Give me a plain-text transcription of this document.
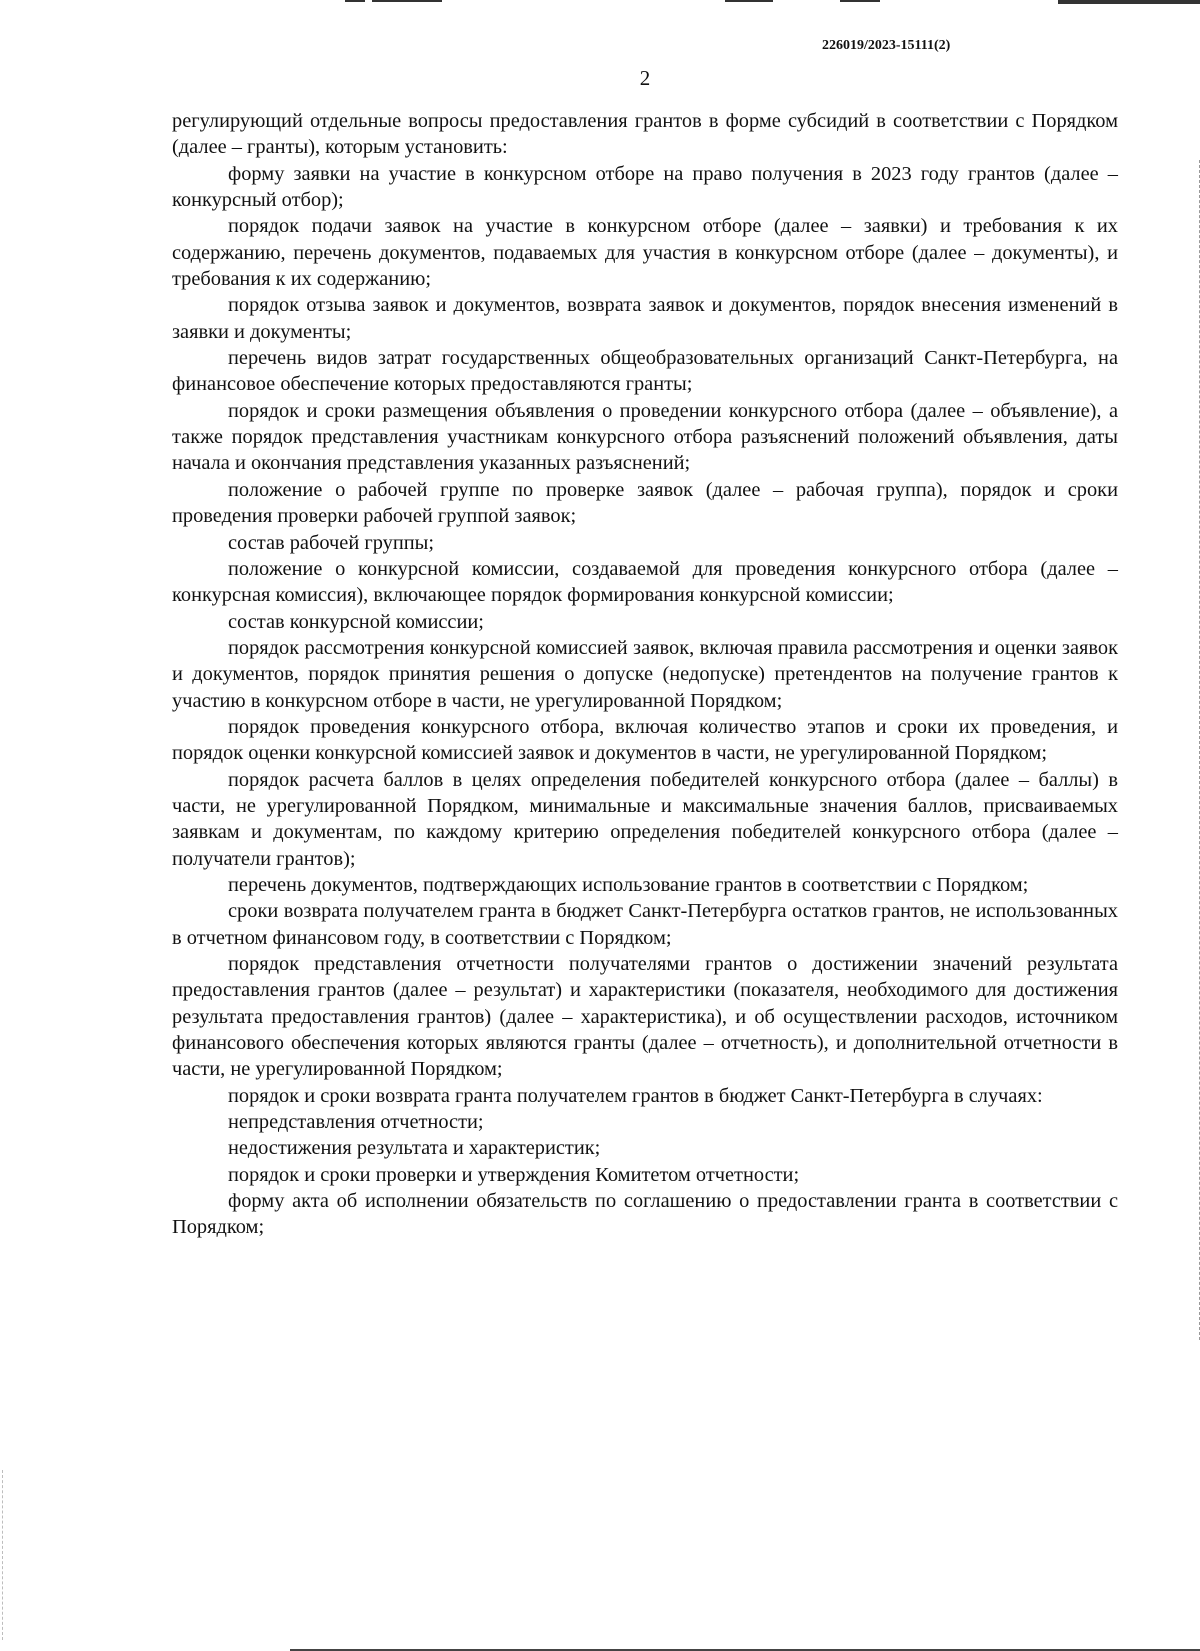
226019/2023-15111(2)
2

регулирующий отдельные вопросы предоставления грантов в форме субсидий в соответствии с Порядком (далее – гранты), которым установить:

форму заявки на участие в конкурсном отборе на право получения в 2023 году грантов (далее – конкурсный отбор);

порядок подачи заявок на участие в конкурсном отборе (далее – заявки) и требования к их содержанию, перечень документов, подаваемых для участия в конкурсном отборе (далее – документы), и требования к их содержанию;

порядок отзыва заявок и документов, возврата заявок и документов, порядок внесения изменений в заявки и документы;

перечень видов затрат государственных общеобразовательных организаций Санкт-Петербурга, на финансовое обеспечение которых предоставляются гранты;

порядок и сроки размещения объявления о проведении конкурсного отбора (далее – объявление), а также порядок представления участникам конкурсного отбора разъяснений положений объявления, даты начала и окончания представления указанных разъяснений;

положение о рабочей группе по проверке заявок (далее – рабочая группа), порядок и сроки проведения проверки рабочей группой заявок;

состав рабочей группы;

положение о конкурсной комиссии, создаваемой для проведения конкурсного отбора (далее – конкурсная комиссия), включающее порядок формирования конкурсной комиссии;

состав конкурсной комиссии;

порядок рассмотрения конкурсной комиссией заявок, включая правила рассмотрения и оценки заявок и документов, порядок принятия решения о допуске (недопуске) претендентов на получение грантов к участию в конкурсном отборе в части, не урегулированной Порядком;

порядок проведения конкурсного отбора, включая количество этапов и сроки их проведения, и порядок оценки конкурсной комиссией заявок и документов в части, не урегулированной Порядком;

порядок расчета баллов в целях определения победителей конкурсного отбора (далее – баллы) в части, не урегулированной Порядком, минимальные и максимальные значения баллов, присваиваемых заявкам и документам, по каждому критерию определения победителей конкурсного отбора (далее – получатели грантов);

перечень документов, подтверждающих использование грантов в соответствии с Порядком;

сроки возврата получателем гранта в бюджет Санкт-Петербурга остатков грантов, не использованных в отчетном финансовом году, в соответствии с Порядком;

порядок представления отчетности получателями грантов о достижении значений результата предоставления грантов (далее – результат) и характеристики (показателя, необходимого для достижения результата предоставления грантов) (далее – характеристика), и об осуществлении расходов, источником финансового обеспечения которых являются гранты (далее – отчетность), и дополнительной отчетности в части, не урегулированной Порядком;

порядок и сроки возврата гранта получателем грантов в бюджет Санкт-Петербурга в случаях:

непредставления отчетности;

недостижения результата и характеристик;

порядок и сроки проверки и утверждения Комитетом отчетности;

форму акта об исполнении обязательств по соглашению о предоставлении гранта в соответствии с Порядком;
